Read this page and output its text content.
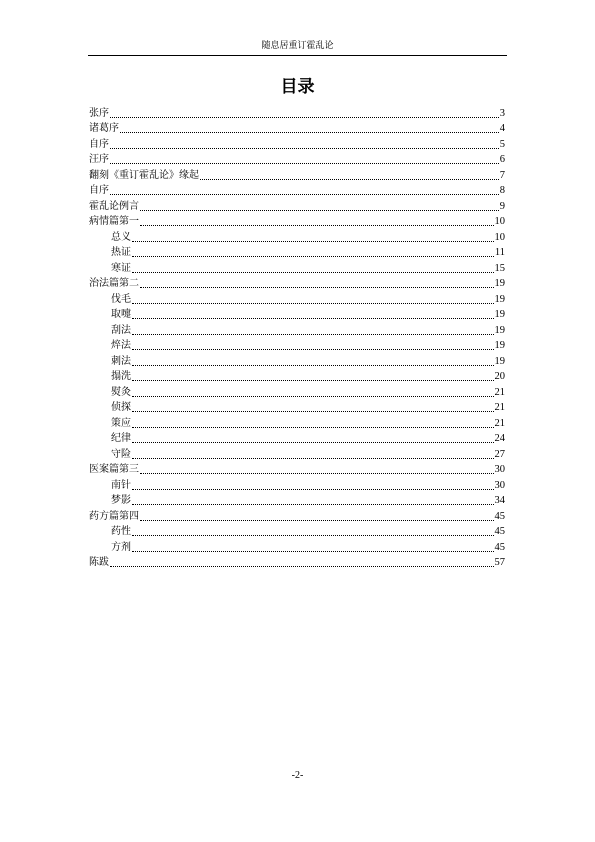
随息居重订霍乱论
目录
张序	3
诸葛序	4
自序	5
汪序	6
翻刻《重订霍乱论》缘起	7
自序	8
霍乱论例言	9
病情篇第一	10
总义	10
热证	11
寒证	15
治法篇第二	19
伐毛	19
取嚏	19
刮法	19
焠法	19
刺法	19
搨洗	20
熨灸	21
侦探	21
策应	21
纪律	24
守险	27
医案篇第三	30
南针	30
梦影	34
药方篇第四	45
药性	45
方剂	45
陈跋	57
-2-
